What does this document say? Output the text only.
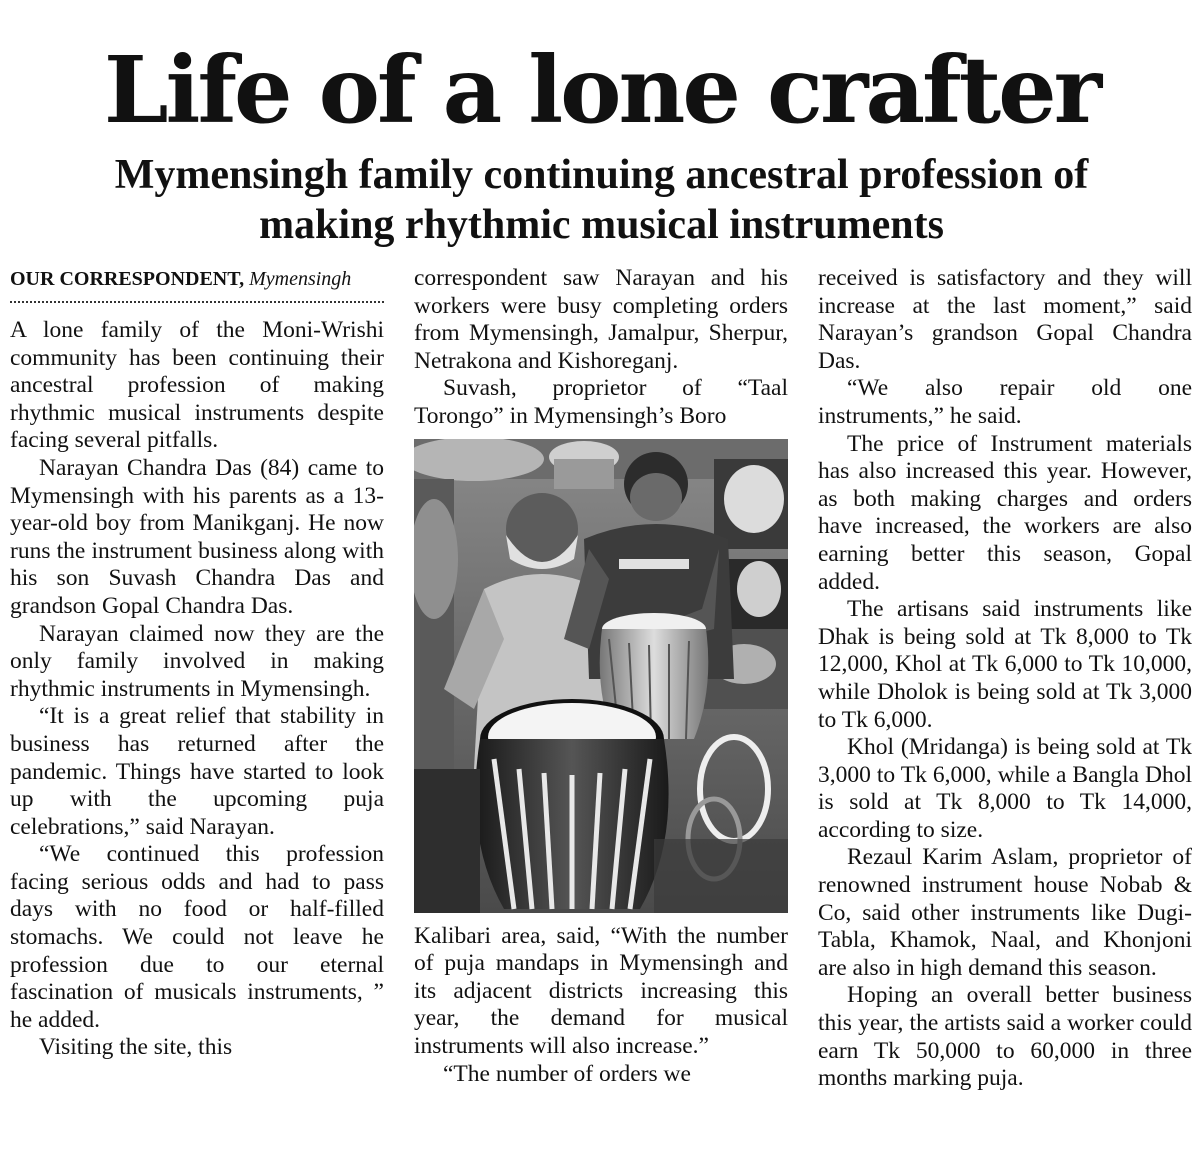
Life of a lone crafter
Mymensingh family continuing ancestral profession of
making rhythmic musical instruments
OUR CORRESPONDENT, Mymensingh

A lone family of the Moni-Wrishi community has been continuing their ancestral profession of making rhythmic musical instruments despite facing several pitfalls.

Narayan Chandra Das (84) came to Mymensingh with his parents as a 13-year-old boy from Manikganj. He now runs the instrument business along with his son Suvash Chandra Das and grandson Gopal Chandra Das.

Narayan claimed now they are the only family involved in making rhythmic instruments in Mymensingh.

“It is a great relief that stability in business has returned after the pandemic. Things have started to look up with the upcoming puja celebrations,” said Narayan.

“We continued this profession facing serious odds and had to pass days with no food or half-filled stomachs. We could not leave he profession due to our eternal fascination of musicals instruments, ” he added.

Visiting the site, this

correspondent saw Narayan and his workers were busy completing orders from Mymensingh, Jamalpur, Sherpur, Netrakona and Kishoreganj.

Suvash, proprietor of “Taal Torongo” in Mymensingh’s Boro

Kalibari area, said, “With the number of puja mandaps in Mymensingh and its adjacent districts increasing this year, the demand for musical instruments will also increase.”

“The number of orders we

received is satisfactory and they will increase at the last moment,” said Narayan’s grandson Gopal Chandra Das.

“We also repair old one instruments,” he said.

The price of Instrument materials has also increased this year. However, as both making charges and orders have increased, the workers are also earning better this season, Gopal added.

The artisans said instruments like Dhak is being sold at Tk 8,000 to Tk 12,000, Khol at Tk 6,000 to Tk 10,000, while Dholok is being sold at Tk 3,000 to Tk 6,000.

Khol (Mridanga) is being sold at Tk 3,000 to Tk 6,000, while a Bangla Dhol is sold at Tk 8,000 to Tk 14,000, according to size.

Rezaul Karim Aslam, proprietor of renowned instrument house Nobab & Co, said other instruments like Dugi-Tabla, Khamok, Naal, and Khonjoni are also in high demand this season.

Hoping an overall better business this year, the artists said a worker could earn Tk 50,000 to 60,000 in three months marking puja.
